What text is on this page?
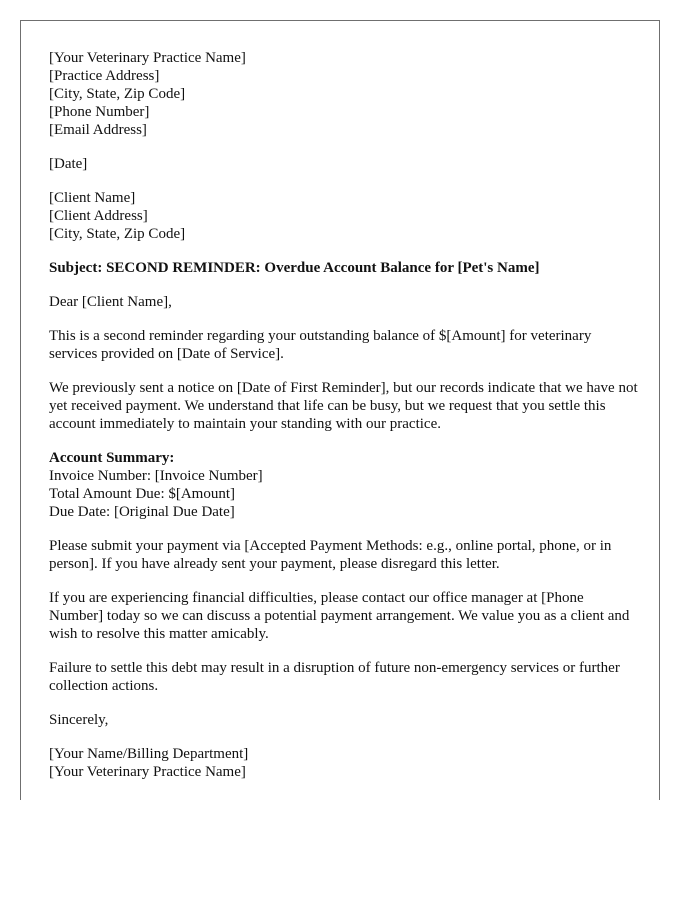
[Your Veterinary Practice Name]
[Practice Address]
[City, State, Zip Code]
[Phone Number]
[Email Address]
[Date]
[Client Name]
[Client Address]
[City, State, Zip Code]

Subject: SECOND REMINDER: Overdue Account Balance for [Pet's Name]

Dear [Client Name],

This is a second reminder regarding your outstanding balance of $[Amount] for veterinary services provided on [Date of Service].

We previously sent a notice on [Date of First Reminder], but our records indicate that we have not yet received payment. We understand that life can be busy, but we request that you settle this account immediately to maintain your standing with our practice.

Account Summary:
Invoice Number: [Invoice Number]
Total Amount Due: $[Amount]
Due Date: [Original Due Date]

Please submit your payment via [Accepted Payment Methods: e.g., online portal, phone, or in person]. If you have already sent your payment, please disregard this letter.

If you are experiencing financial difficulties, please contact our office manager at [Phone Number] today so we can discuss a potential payment arrangement. We value you as a client and wish to resolve this matter amicably.

Failure to settle this debt may result in a disruption of future non-emergency services or further collection actions.

Sincerely,

[Your Name/Billing Department]
[Your Veterinary Practice Name]
